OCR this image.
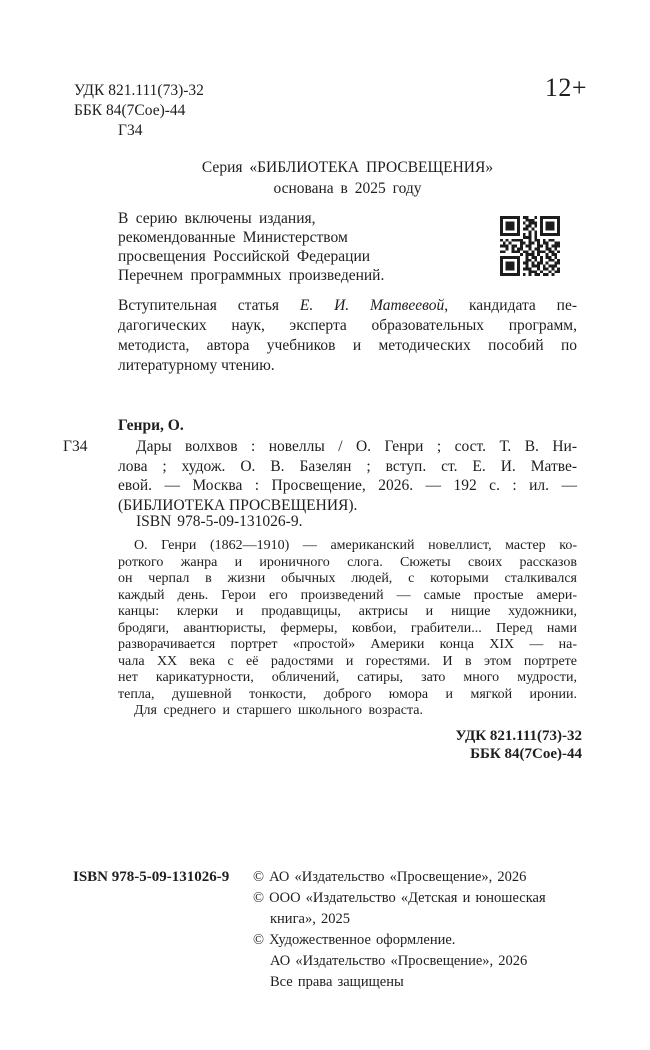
УДК 821.111(73)-32
ББК 84(7Сое)-44
Г34
12+
Серия «БИБЛИОТЕКА ПРОСВЕЩЕНИЯ»
основана в 2025 году
В серию включены издания,
рекомендованные Министерством
просвещения Российской Федерации
Перечнем программных произведений.
Вступительная статья Е. И. Матвеевой, кандидата пе-
дагогических наук, эксперта образовательных программ,
методиста, автора учебников и методических пособий по
литературному чтению.
Генри, О.
Г34	Дары волхвов : новеллы / О. Генри ; сост. Т. В. Ни-
лова ; худож. О. В. Базелян ; вступ. ст. Е. И. Матве-
евой. — Москва : Просвещение, 2026. — 192 с. : ил. —
(БИБЛИОТЕКА ПРОСВЕЩЕНИЯ).
ISBN 978-5-09-131026-9.
О. Генри (1862—1910) — американский новеллист, мастер ко-
роткого жанра и ироничного слога. Сюжеты своих рассказов
он черпал в жизни обычных людей, с которыми сталкивался
каждый день. Герои его произведений — самые простые амери-
канцы: клерки и продавщицы, актрисы и нищие художники,
бродяги, авантюристы, фермеры, ковбои, грабители... Перед нами
разворачивается портрет «простой» Америки конца XIX — на-
чала XX века с её радостями и горестями. И в этом портрете
нет карикатурности, обличений, сатиры, зато много мудрости,
тепла, душевной тонкости, доброго юмора и мягкой иронии.
Для среднего и старшего школьного возраста.
УДК 821.111(73)-32
ББК 84(7Сое)-44
ISBN 978-5-09-131026-9 © АО «Издательство «Просвещение», 2026
© ООО «Издательство «Детская и юношеская книга», 2025
© Художественное оформление.
АО «Издательство «Просвещение», 2026
Все права защищены
